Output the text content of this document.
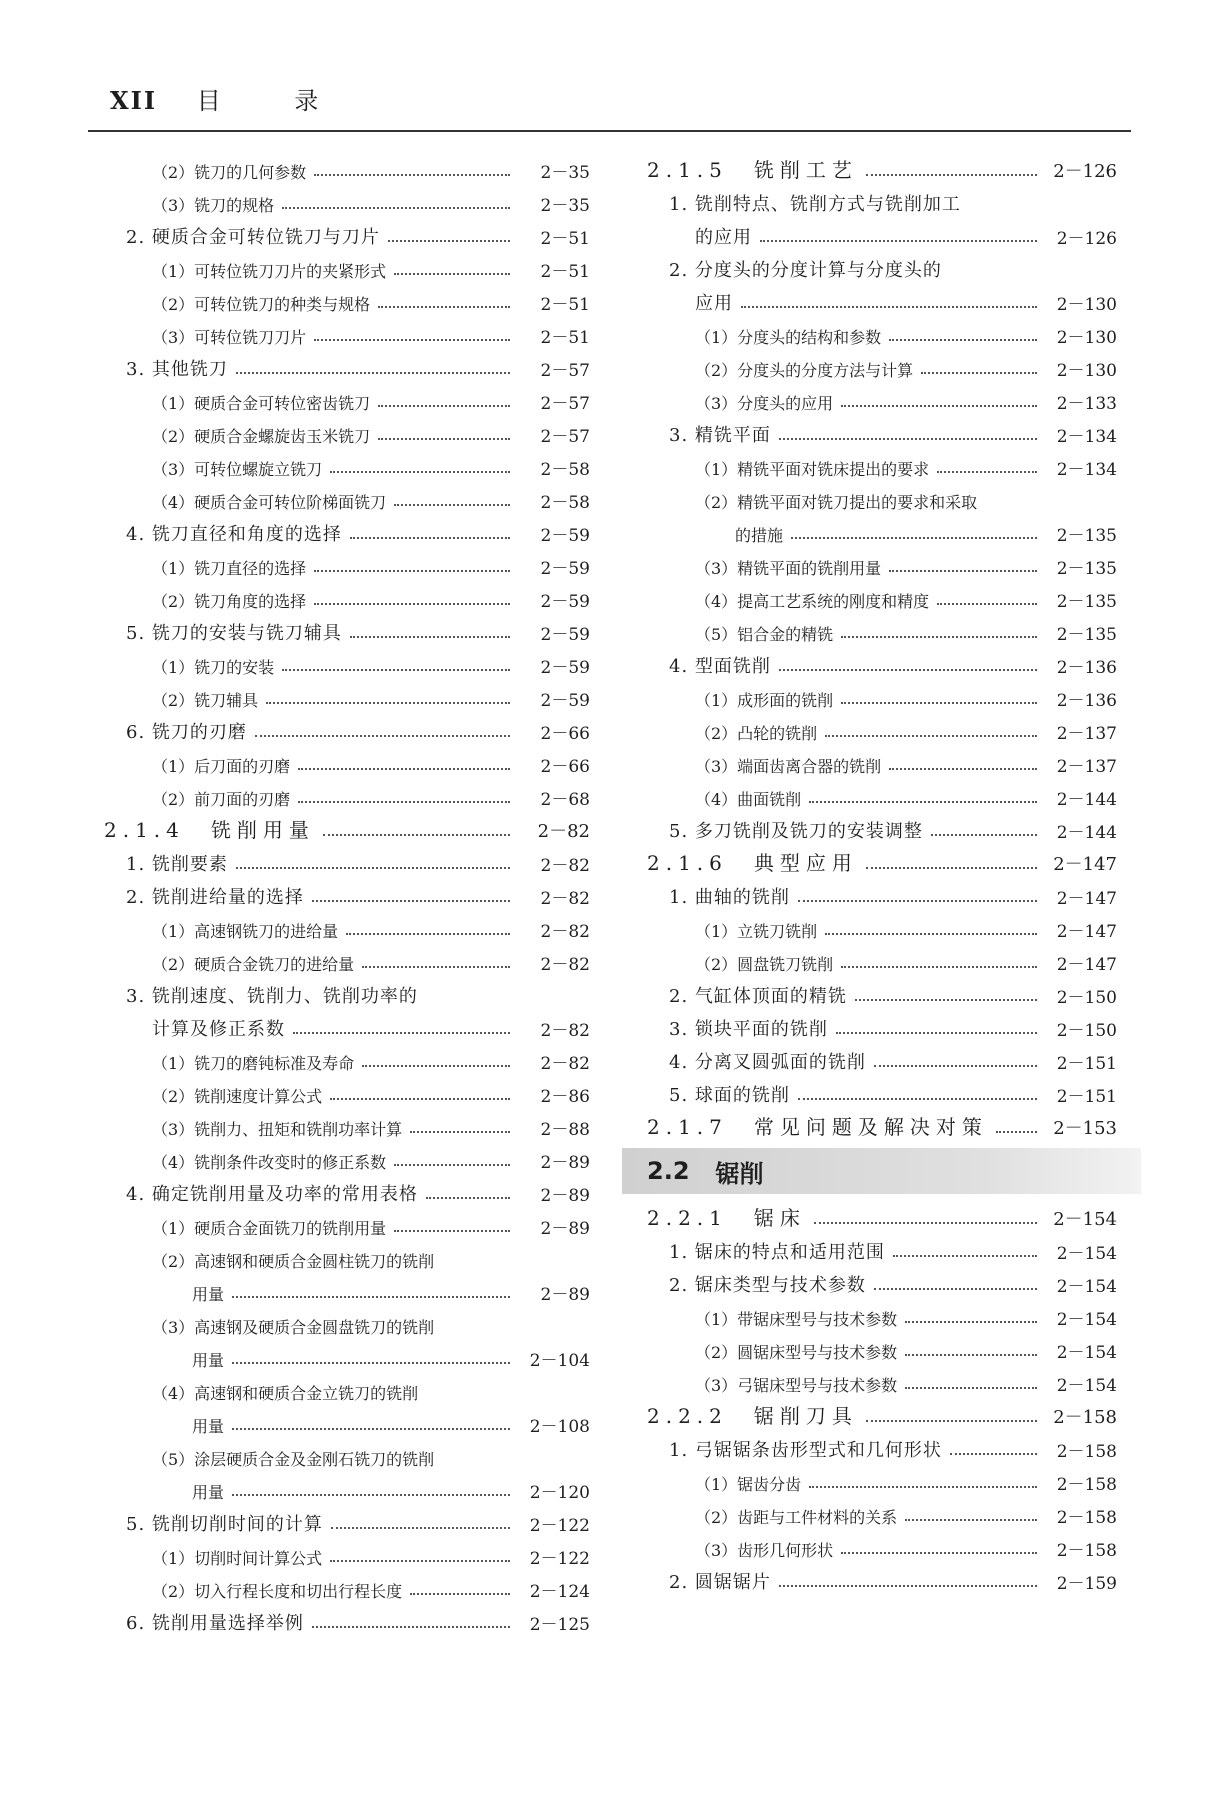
XII 目	录
（2）铣刀的几何参数	2－35
（3）铣刀的规格	2－35
2. 硬质合金可转位铣刀与刀片	2－51
（1）可转位铣刀刀片的夹紧形式	2－51
（2）可转位铣刀的种类与规格	2－51
（3）可转位铣刀刀片	2－51
3. 其他铣刀	2－57
（1）硬质合金可转位密齿铣刀	2－57
（2）硬质合金螺旋齿玉米铣刀	2－57
（3）可转位螺旋立铣刀	2－58
（4）硬质合金可转位阶梯面铣刀	2－58
4. 铣刀直径和角度的选择	2－59
（1）铣刀直径的选择	2－59
（2）铣刀角度的选择	2－59
5. 铣刀的安装与铣刀辅具	2－59
（1）铣刀的安装	2－59
（2）铣刀辅具	2－59
6. 铣刀的刃磨	2－66
（1）后刀面的刃磨	2－66
（2）前刀面的刃磨	2－68
2.1.4　铣削用量	2－82
1. 铣削要素	2－82
2. 铣削进给量的选择	2－82
（1）高速钢铣刀的进给量	2－82
（2）硬质合金铣刀的进给量	2－82
3. 铣削速度、铣削力、铣削功率的
计算及修正系数	2－82
（1）铣刀的磨钝标准及寿命	2－82
（2）铣削速度计算公式	2－86
（3）铣削力、扭矩和铣削功率计算	2－88
（4）铣削条件改变时的修正系数	2－89
4. 确定铣削用量及功率的常用表格	2－89
（1）硬质合金面铣刀的铣削用量	2－89
（2）高速钢和硬质合金圆柱铣刀的铣削
用量	2－89
（3）高速钢及硬质合金圆盘铣刀的铣削
用量	2－104
（4）高速钢和硬质合金立铣刀的铣削
用量	2－108
（5）涂层硬质合金及金刚石铣刀的铣削
用量	2－120
5. 铣削切削时间的计算	2－122
（1）切削时间计算公式	2－122
（2）切入行程长度和切出行程长度	2－124
6. 铣削用量选择举例	2－125
2.1.5　铣削工艺	2－126
1. 铣削特点、铣削方式与铣削加工
的应用	2－126
2. 分度头的分度计算与分度头的
应用	2－130
（1）分度头的结构和参数	2－130
（2）分度头的分度方法与计算	2－130
（3）分度头的应用	2－133
3. 精铣平面	2－134
（1）精铣平面对铣床提出的要求	2－134
（2）精铣平面对铣刀提出的要求和采取
的措施	2－135
（3）精铣平面的铣削用量	2－135
（4）提高工艺系统的刚度和精度	2－135
（5）铝合金的精铣	2－135
4. 型面铣削	2－136
（1）成形面的铣削	2－136
（2）凸轮的铣削	2－137
（3）端面齿离合器的铣削	2－137
（4）曲面铣削	2－144
5. 多刀铣削及铣刀的安装调整	2－144
2.1.6　典型应用	2－147
1. 曲轴的铣削	2－147
（1）立铣刀铣削	2－147
（2）圆盘铣刀铣削	2－147
2. 气缸体顶面的精铣	2－150
3. 锁块平面的铣削	2－150
4. 分离叉圆弧面的铣削	2－151
5. 球面的铣削	2－151
2.1.7　常见问题及解决对策	2－153
2.2 锯削
2.2.1　锯床	2－154
1. 锯床的特点和适用范围	2－154
2. 锯床类型与技术参数	2－154
（1）带锯床型号与技术参数	2－154
（2）圆锯床型号与技术参数	2－154
（3）弓锯床型号与技术参数	2－154
2.2.2　锯削刀具	2－158
1. 弓锯锯条齿形型式和几何形状	2－158
（1）锯齿分齿	2－158
（2）齿距与工件材料的关系	2－158
（3）齿形几何形状	2－158
2. 圆锯锯片	2－159
